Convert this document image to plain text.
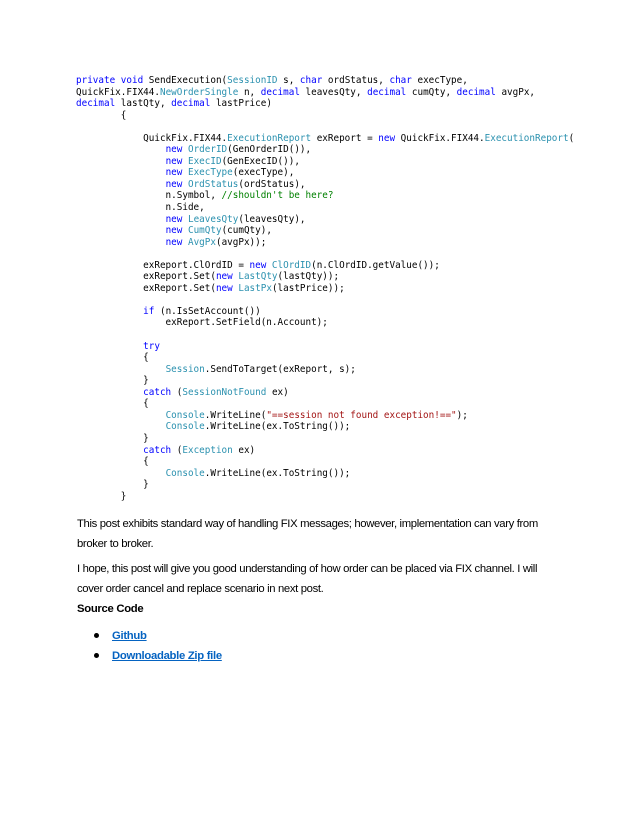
private void SendExecution(SessionID s, char ordStatus, char execType,
QuickFix.FIX44.NewOrderSingle n, decimal leavesQty, decimal cumQty, decimal avgPx,
decimal lastQty, decimal lastPrice)
{

QuickFix.FIX44.ExecutionReport exReport = new QuickFix.FIX44.ExecutionReport(
new OrderID(GenOrderID()),
new ExecID(GenExecID()),
new ExecType(execType),
new OrdStatus(ordStatus),
n.Symbol, //shouldn't be here?
n.Side,
new LeavesQty(leavesQty),
new CumQty(cumQty),
new AvgPx(avgPx));

exReport.ClOrdID = new ClOrdID(n.ClOrdID.getValue());
exReport.Set(new LastQty(lastQty));
exReport.Set(new LastPx(lastPrice));

if (n.IsSetAccount())
exReport.SetField(n.Account);

try
{
Session.SendToTarget(exReport, s);
}
catch (SessionNotFound ex)
{
Console.WriteLine("==session not found exception!==");
Console.WriteLine(ex.ToString());
}
catch (Exception ex)
{
Console.WriteLine(ex.ToString());
}
}

This post exhibits standard way of handling FIX messages; however, implementation can vary from broker to broker.

I hope, this post will give you good understanding of how order can be placed via FIX channel. I will cover order cancel and replace scenario in next post.

Source Code

Github
Downloadable Zip file
